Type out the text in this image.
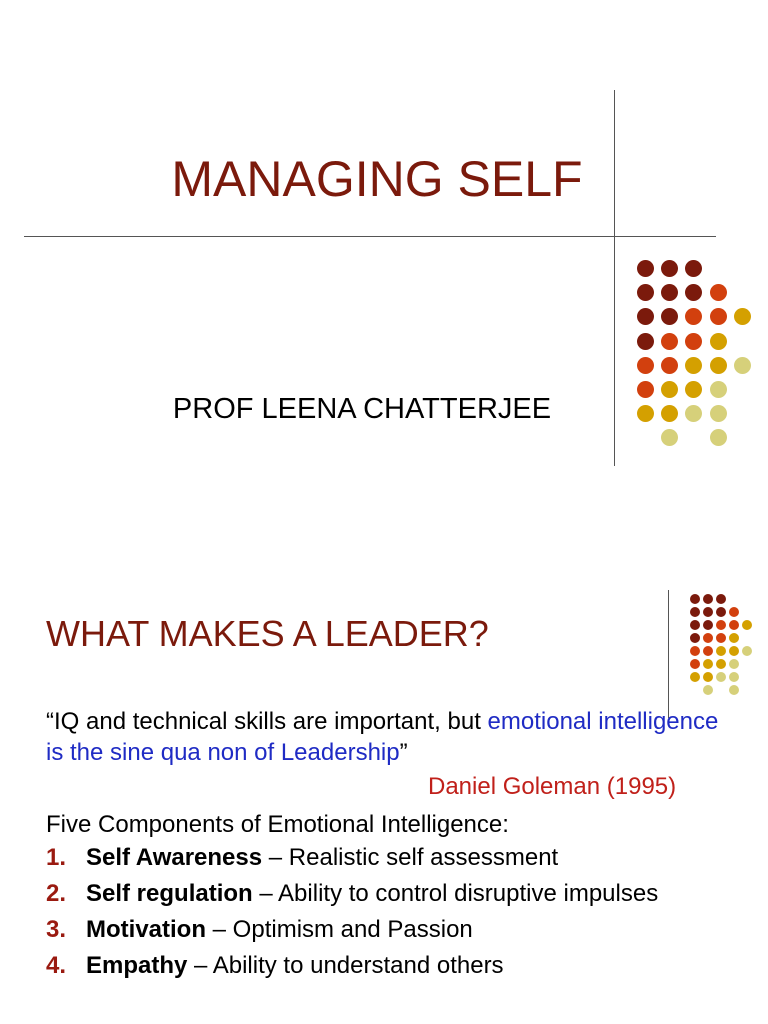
MANAGING SELF
PROF LEENA CHATTERJEE
WHAT MAKES A LEADER?
“IQ and technical skills are important, but emotional intelligence is the sine qua non of Leadership”
Daniel Goleman (1995)
Five Components of Emotional Intelligence:
1. Self Awareness – Realistic self assessment
2. Self regulation – Ability to control disruptive impulses
3. Motivation – Optimism and Passion
4. Empathy – Ability to understand others
